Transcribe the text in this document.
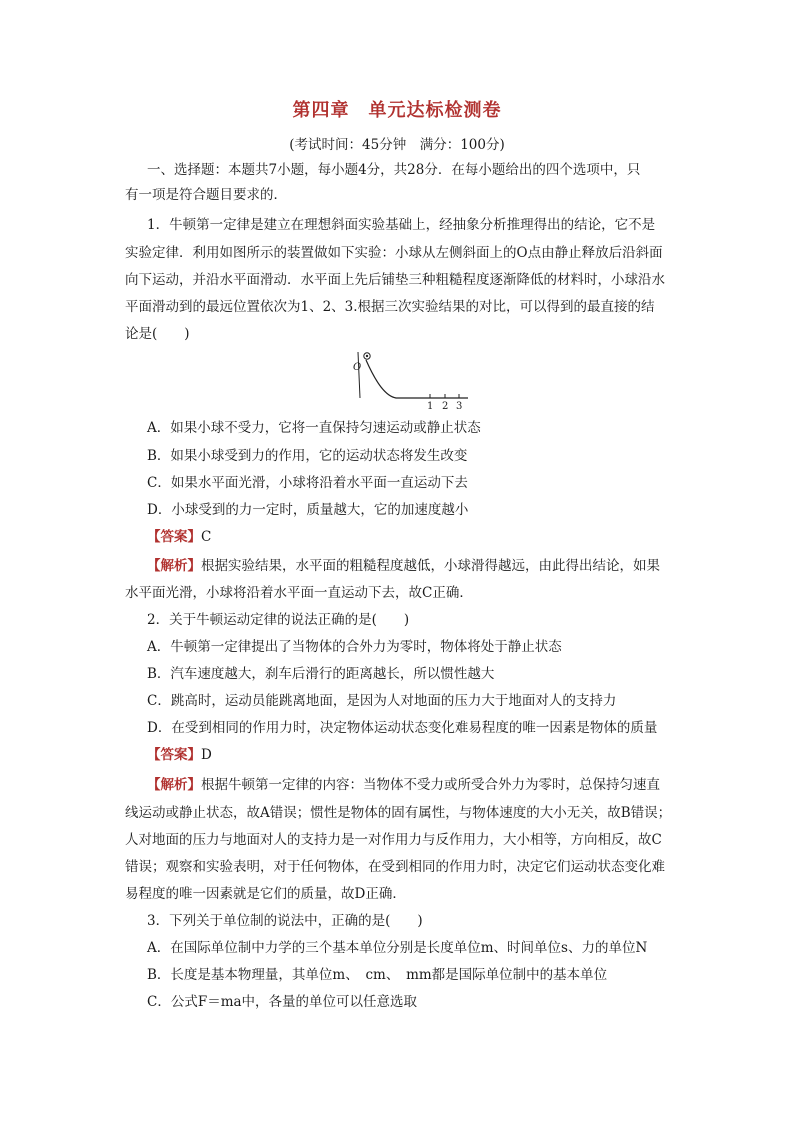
第四章　单元达标检测卷
(考试时间：45分钟　满分：100分)
一、选择题：本题共7小题，每小题4分，共28分．在每小题给出的四个选项中，只
有一项是符合题目要求的．
1．牛顿第一定律是建立在理想斜面实验基础上，经抽象分析推理得出的结论，它不是
实验定律．利用如图所示的装置做如下实验：小球从左侧斜面上的O点由静止释放后沿斜面
向下运动，并沿水平面滑动．水平面上先后铺垫三种粗糙程度逐渐降低的材料时，小球沿水
平面滑动到的最远位置依次为1、2、3.根据三次实验结果的对比，可以得到的最直接的结
论是(　　)
O
1 2 3
A．如果小球不受力，它将一直保持匀速运动或静止状态
B．如果小球受到力的作用，它的运动状态将发生改变
C．如果水平面光滑，小球将沿着水平面一直运动下去
D．小球受到的力一定时，质量越大，它的加速度越小
【答案】C
【解析】根据实验结果，水平面的粗糙程度越低，小球滑得越远，由此得出结论，如果
水平面光滑，小球将沿着水平面一直运动下去，故C正确．
2．关于牛顿运动定律的说法正确的是(　　)
A．牛顿第一定律提出了当物体的合外力为零时，物体将处于静止状态
B．汽车速度越大，刹车后滑行的距离越长，所以惯性越大
C．跳高时，运动员能跳离地面，是因为人对地面的压力大于地面对人的支持力
D．在受到相同的作用力时，决定物体运动状态变化难易程度的唯一因素是物体的质量
【答案】D
【解析】根据牛顿第一定律的内容：当物体不受力或所受合外力为零时，总保持匀速直
线运动或静止状态，故A错误；惯性是物体的固有属性，与物体速度的大小无关，故B错误；
人对地面的压力与地面对人的支持力是一对作用力与反作用力，大小相等，方向相反，故C
错误；观察和实验表明，对于任何物体，在受到相同的作用力时，决定它们运动状态变化难
易程度的唯一因素就是它们的质量，故D正确．
3．下列关于单位制的说法中，正确的是(　　)
A．在国际单位制中力学的三个基本单位分别是长度单位m、时间单位s、力的单位N
B．长度是基本物理量，其单位m、　cm、　mm都是国际单位制中的基本单位
C．公式F＝ma中，各量的单位可以任意选取
